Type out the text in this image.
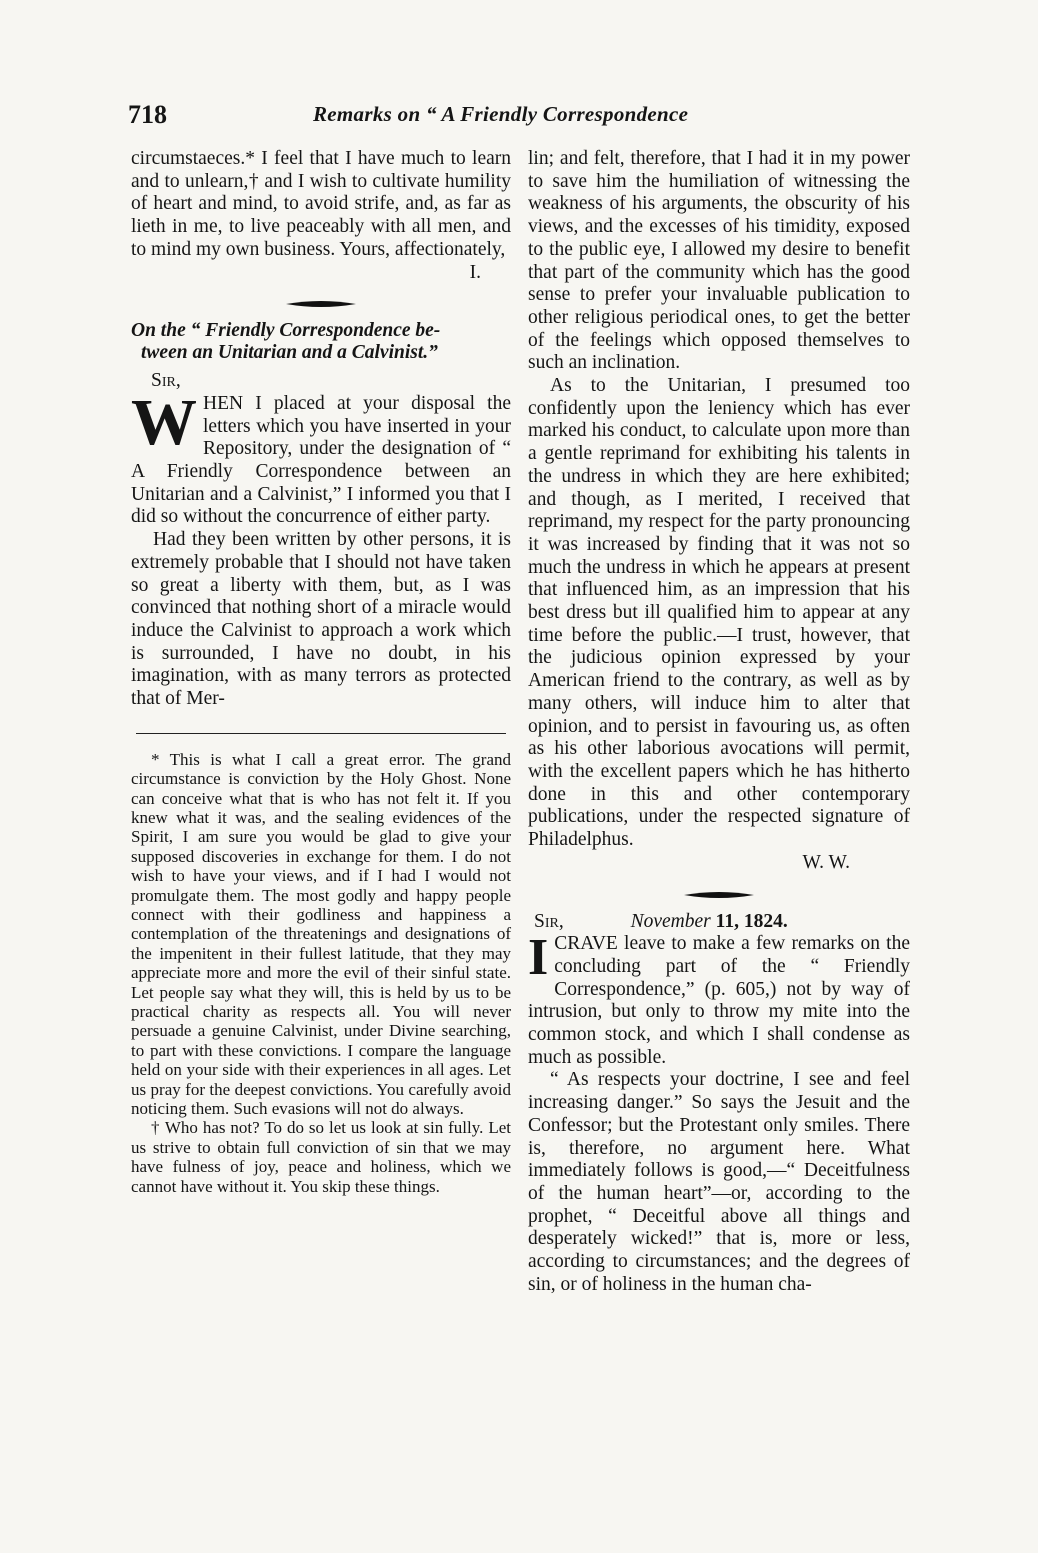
718	Remarks on “ A Friendly Correspondence

circumstaeces.* I feel that I have much to learn and to unlearn,† and I wish to cultivate humility of heart and mind, to avoid strife, and, as far as lieth in me, to live peaceably with all men, and to mind my own business. Yours, affectionately,

I.

On the “ Friendly Correspondence be-
tween an Unitarian and a Calvinist.”

Sir,

WHEN I placed at your disposal the letters which you have inserted in your Repository, under the designation of “ A Friendly Correspondence between an Unitarian and a Calvinist,” I informed you that I did so without the concurrence of either party.

Had they been written by other persons, it is extremely probable that I should not have taken so great a liberty with them, but, as I was convinced that nothing short of a miracle would induce the Calvinist to approach a work which is surrounded, I have no doubt, in his imagination, with as many terrors as protected that of Mer-

* This is what I call a great error. The grand circumstance is conviction by the Holy Ghost. None can conceive what that is who has not felt it. If you knew what it was, and the sealing evidences of the Spirit, I am sure you would be glad to give your supposed discoveries in exchange for them. I do not wish to have your views, and if I had I would not promulgate them. The most godly and happy people connect with their godliness and happiness a contemplation of the threatenings and designations of the impenitent in their fullest latitude, that they may appreciate more and more the evil of their sinful state. Let people say what they will, this is held by us to be practical charity as respects all. You will never persuade a genuine Calvinist, under Divine searching, to part with these convictions. I compare the language held on your side with their experiences in all ages. Let us pray for the deepest convictions. You carefully avoid noticing them. Such evasions will not do always.

† Who has not? To do so let us look at sin fully. Let us strive to obtain full conviction of sin that we may have fulness of joy, peace and holiness, which we cannot have without it. You skip these things.

lin; and felt, therefore, that I had it in my power to save him the humiliation of witnessing the weakness of his arguments, the obscurity of his views, and the excesses of his timidity, exposed to the public eye, I allowed my desire to benefit that part of the community which has the good sense to prefer your invaluable publication to other religious periodical ones, to get the better of the feelings which opposed themselves to such an inclination.

As to the Unitarian, I presumed too confidently upon the leniency which has ever marked his conduct, to calculate upon more than a gentle reprimand for exhibiting his talents in the undress in which they are here exhibited; and though, as I merited, I received that reprimand, my respect for the party pronouncing it was increased by finding that it was not so much the undress in which he appears at present that influenced him, as an impression that his best dress but ill qualified him to appear at any time before the public.—I trust, however, that the judicious opinion expressed by your American friend to the contrary, as well as by many others, will induce him to alter that opinion, and to persist in favouring us, as often as his other laborious avocations will permit, with the excellent papers which he has hitherto done in this and other contemporary publications, under the respected signature of Philadelphus.

W. W.

Sir,	November 11, 1824.

ICRAVE leave to make a few remarks on the concluding part of the “ Friendly Correspondence,” (p. 605,) not by way of intrusion, but only to throw my mite into the common stock, and which I shall condense as much as possible.

“ As respects your doctrine, I see and feel increasing danger.” So says the Jesuit and the Confessor; but the Protestant only smiles. There is, therefore, no argument here. What immediately follows is good,—“ Deceitfulness of the human heart”—or, according to the prophet, “ Deceitful above all things and desperately wicked!” that is, more or less, according to circumstances; and the degrees of sin, or of holiness in the human cha-
